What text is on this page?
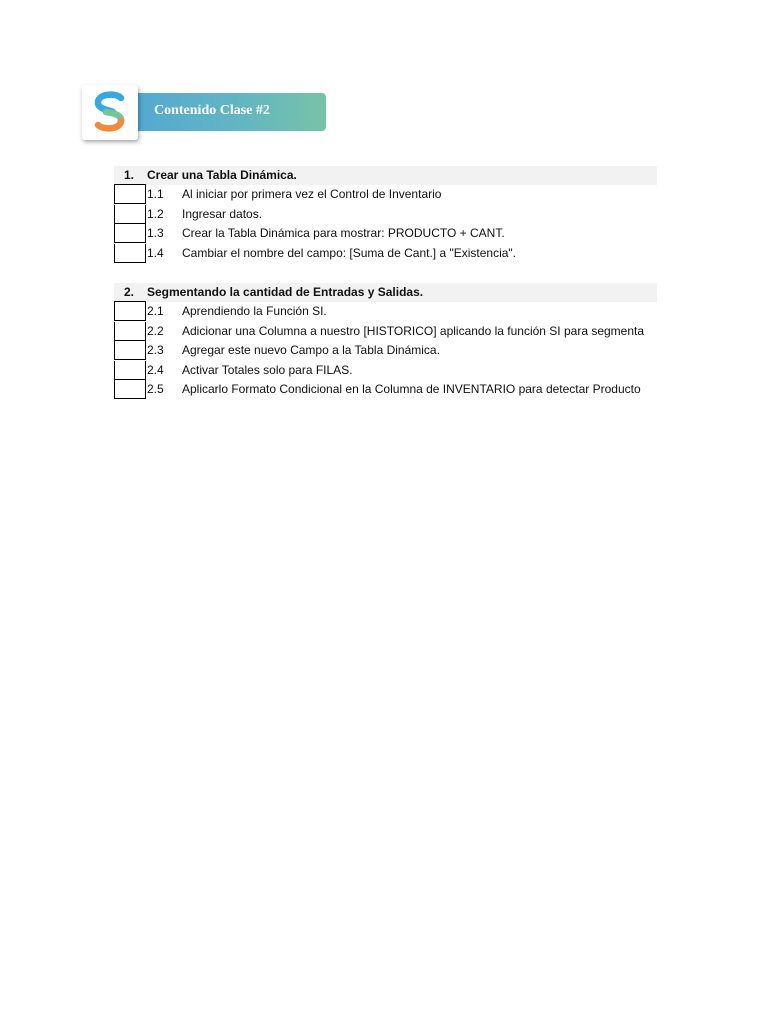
Contenido Clase #2
1. Crear una Tabla Dinámica.
1.1 Al iniciar por primera vez el Control de Inventario
1.2 Ingresar datos.
1.3 Crear la Tabla Dinámica para mostrar: PRODUCTO + CANT.
1.4 Cambiar el nombre del campo: [Suma de Cant.] a "Existencia".
2. Segmentando la cantidad de Entradas y Salidas.
2.1 Aprendiendo la Función SI.
2.2 Adicionar una Columna a nuestro [HISTORICO] aplicando la función SI para segmenta
2.3 Agregar este nuevo Campo a la Tabla Dinámica.
2.4 Activar Totales solo para FILAS.
2.5 Aplicarlo Formato Condicional en la Columna de INVENTARIO para detectar Producto
